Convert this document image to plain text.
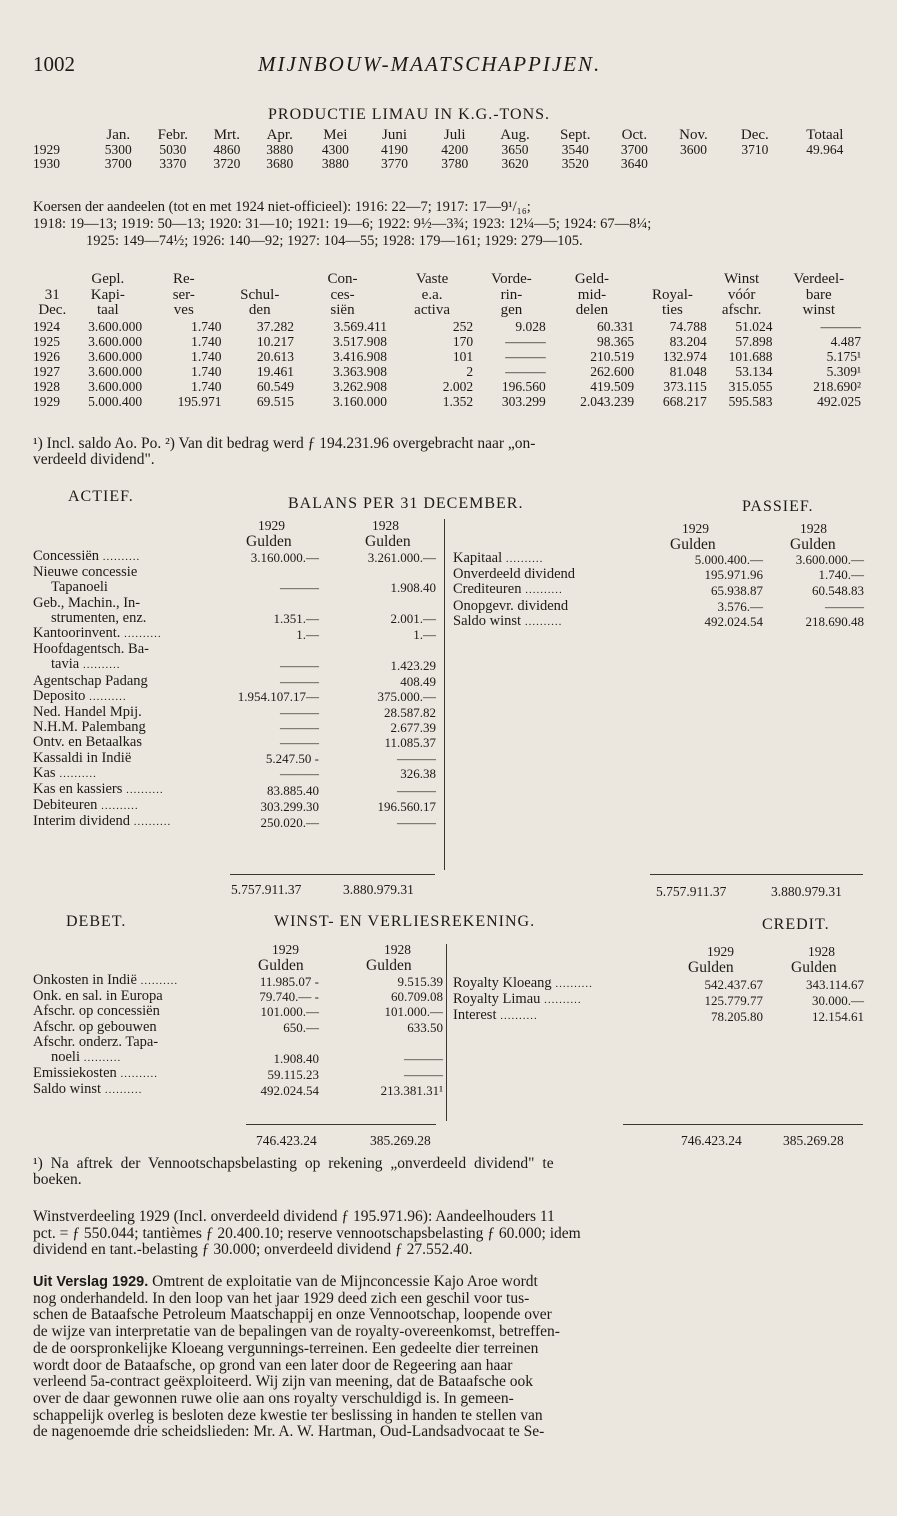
1002	MIJNBOUW-MAATSCHAPPIJEN.
PRODUCTIE LIMAU IN K.G.-TONS.
	Jan.	Febr.	Mrt.	Apr.	Mei	Juni	Juli	Aug.	Sept.	Oct.	Nov.	Dec.	Totaal
1929	5300	5030	4860	3880	4300	4190	4200	3650	3540	3700	3600	3710	49.964
1930	3700	3370	3720	3680	3880	3770	3780	3620	3520	3640			
Koersen der aandeelen (tot en met 1924 niet-officieel): 1916: 22—7; 1917: 17—9¹/₁₆;
1918: 19—13; 1919: 50—13; 1920: 31—10; 1921: 19—6; 1922: 9½—3¾; 1923: 12¼—5; 1924: 67—8¼;
1925: 149—74½; 1926: 140—92; 1927: 104—55; 1928: 179—161; 1929: 279—105.
	Gepl.	Re-		Con-	Vaste	Vorde-	Geld-		Winst	Verdeel-
31	Kapi-	ser-	Schul-	ces-	e.a.	rin-	mid-	Royal-	vóór	bare
Dec.	taal	ves	den	siën	activa	gen	delen	ties	afschr.	winst
1924	3.600.000	1.740	37.282	3.569.411	252	9.028	60.331	74.788	51.024	———
1925	3.600.000	1.740	10.217	3.517.908	170	———	98.365	83.204	57.898	4.487
1926	3.600.000	1.740	20.613	3.416.908	101	———	210.519	132.974	101.688	5.175¹
1927	3.600.000	1.740	19.461	3.363.908	2	———	262.600	81.048	53.134	5.309¹
1928	3.600.000	1.740	60.549	3.262.908	2.002	196.560	419.509	373.115	315.055	218.690²
1929	5.000.400	195.971	69.515	3.160.000	1.352	303.299	2.043.239	668.217	595.583	492.025
¹) Incl. saldo Ao. Po. ²) Van dit bedrag werd ƒ 194.231.96 overgebracht naar „on-
verdeeld dividend".
ACTIEF.	BALANS PER 31 DECEMBER.	PASSIEF.
1929	1928
Gulden	Gulden
1929	1928
Gulden	Gulden
Concessiën ..........	3.160.000.—	3.261.000.—
Nieuwe concessie		
Tapanoeli	———	1.908.40
Geb., Machin., In-		
strumenten, enz.	1.351.—	2.001.—
Kantoorinvent. ..........	1.—	1.—
Hoofdagentsch. Ba-		
tavia ..........	———	1.423.29
Agentschap Padang	———	408.49
Deposito ..........	1.954.107.17—	375.000.—
Ned. Handel Mpij.	———	28.587.82
N.H.M. Palembang	———	2.677.39
Ontv. en Betaalkas	———	11.085.37
Kassaldi in Indië	5.247.50 -	———
Kas ..........	———	326.38
Kas en kassiers ..........	83.885.40	———
Debiteuren ..........	303.299.30	196.560.17
Interim dividend ..........	250.020.—	———
Kapitaal ..........	5.000.400.—	3.600.000.—
Onverdeeld dividend	195.971.96	1.740.—
Crediteuren ..........	65.938.87	60.548.83
Onopgevr. dividend	3.576.—	———
Saldo winst ..........	492.024.54	218.690.48
5.757.911.37	3.880.979.31	5.757.911.37	3.880.979.31
DEBET.	WINST- EN VERLIESREKENING.	CREDIT.
1929	1928
Gulden	Gulden
1929	1928
Gulden	Gulden
Onkosten in Indië ..........	11.985.07 -	9.515.39
Onk. en sal. in Europa	79.740.— -	60.709.08
Afschr. op concessiën	101.000.—	101.000.—
Afschr. op gebouwen	650.—	633.50
Afschr. onderz. Tapa-		
noeli ..........	1.908.40	———
Emissiekosten ..........	59.115.23	———
Saldo winst ..........	492.024.54	213.381.31¹
Royalty Kloeang ..........	542.437.67	343.114.67
Royalty Limau ..........	125.779.77	30.000.—
Interest ..........	78.205.80	12.154.61
746.423.24	385.269.28	746.423.24	385.269.28
¹) Na aftrek der Vennootschapsbelasting op rekening „onverdeeld dividend" te
boeken.
Winstverdeeling 1929 (Incl. onverdeeld dividend ƒ 195.971.96): Aandeelhouders 11
pct. = ƒ 550.044; tantièmes ƒ 20.400.10; reserve vennootschapsbelasting ƒ 60.000; idem
dividend en tant.-belasting ƒ 30.000; onverdeeld dividend ƒ 27.552.40.
Uit Verslag 1929. Omtrent de exploitatie van de Mijnconcessie Kajo Aroe wordt
nog onderhandeld. In den loop van het jaar 1929 deed zich een geschil voor tus-
schen de Bataafsche Petroleum Maatschappij en onze Vennootschap, loopende over
de wijze van interpretatie van de bepalingen van de royalty-overeenkomst, betreffen-
de de oorspronkelijke Kloeang vergunnings-terreinen. Een gedeelte dier terreinen
wordt door de Bataafsche, op grond van een later door de Regeering aan haar
verleend 5a-contract geëxploiteerd. Wij zijn van meening, dat de Bataafsche ook
over de daar gewonnen ruwe olie aan ons royalty verschuldigd is. In gemeen-
schappelijk overleg is besloten deze kwestie ter beslissing in handen te stellen van
de nagenoemde drie scheidslieden: Mr. A. W. Hartman, Oud-Landsadvocaat te Se-
